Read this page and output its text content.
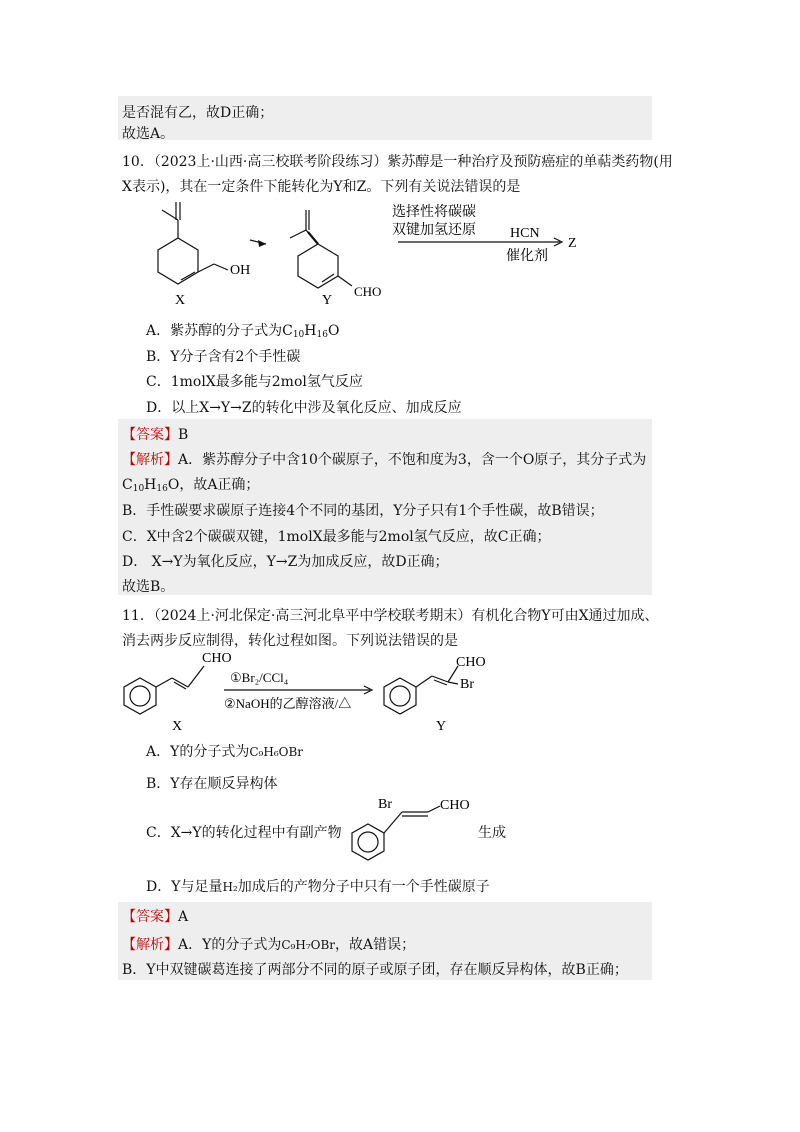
是否混有乙，故D正确；
故选A。
10．（2023上·山西·高三校联考阶段练习）紫苏醇是一种治疗及预防癌症的单萜类药物(用
X表示)，其在一定条件下能转化为Y和Z。下列有关说法错误的是
OH
CHO
X	Y
选择性将碳碳
双键加氢还原 HCN
催化剂
Z
A．紫苏醇的分子式为$C_{10}H_{16}O$
B．Y分子含有2个手性碳
C．1molX最多能与2mol氢气反应
D．以上X→Y→Z的转化中涉及氧化反应、加成反应
【答案】B
【解析】A．紫苏醇分子中含10个碳原子，不饱和度为3，含一个O原子，其分子式为
$C_{10}H_{16}O$，故A正确；
B．手性碳要求碳原子连接4个不同的基团，Y分子只有1个手性碳，故B错误；
C．X中含2个碳碳双键，1molX最多能与2mol氢气反应，故C正确；
D． X→Y为氧化反应，Y→Z为加成反应，故D正确；
故选B。
11．（2024上·河北保定·高三河北阜平中学校联考期末）有机化合物Y可由X通过加成、
消去两步反应制得，转化过程如图。下列说法错误的是
CHO
①Br₂/CCl₄
②NaOH的乙醇溶液/△
CHO
Br
X	Y
A．Y的分子式为C₉H₆OBr
B．Y存在顺反异构体
C．X→Y的转化过程中有副产物
Br	CHO
生成
D．Y与足量H₂加成后的产物分子中只有一个手性碳原子
【答案】A
【解析】A．Y的分子式为C₉H₇OBr，故A错误；
B．Y中双键碳葛连接了两部分不同的原子或原子团，存在顺反异构体，故B正确；
